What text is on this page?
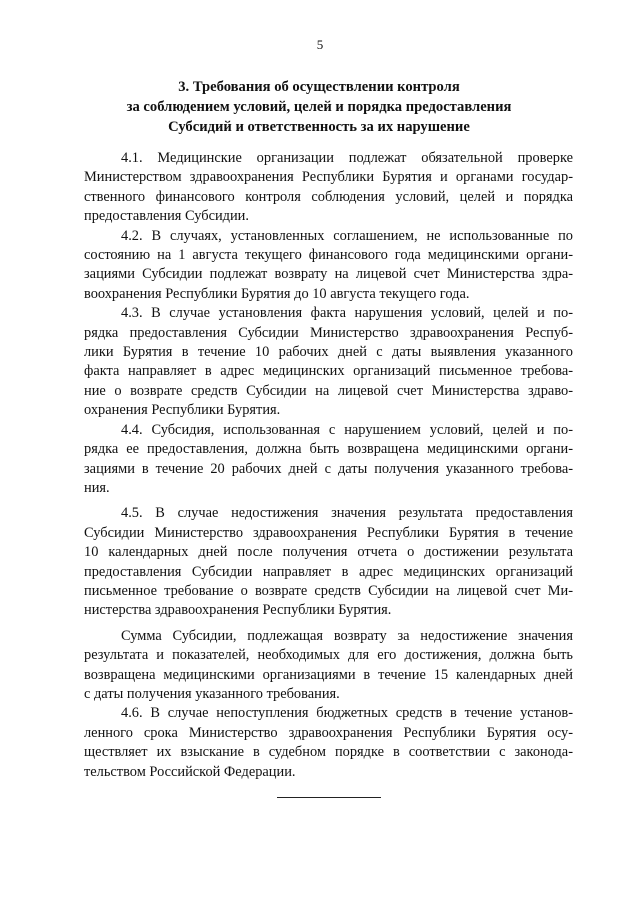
5
3. Требования об осуществлении контроля
за соблюдением условий, целей и порядка предоставления
Субсидий и ответственность за их нарушение

4.1. Медицинские организации подлежат обязательной проверке
Министерством здравоохранения Республики Бурятия и органами государ-
ственного финансового контроля соблюдения условий, целей и порядка
предоставления Субсидии.

4.2. В случаях, установленных соглашением, не использованные по
состоянию на 1 августа текущего финансового года медицинскими органи-
зациями Субсидии подлежат возврату на лицевой счет Министерства здра-
воохранения Республики Бурятия до 10 августа текущего года.

4.3. В случае установления факта нарушения условий, целей и по-
рядка предоставления Субсидии Министерство здравоохранения Респуб-
лики Бурятия в течение 10 рабочих дней с даты выявления указанного
факта направляет в адрес медицинских организаций письменное требова-
ние о возврате средств Субсидии на лицевой счет Министерства здраво-
охранения Республики Бурятия.

4.4. Субсидия, использованная с нарушением условий, целей и по-
рядка ее предоставления, должна быть возвращена медицинскими органи-
зациями в течение 20 рабочих дней с даты получения указанного требова-
ния.

4.5. В случае недостижения значения результата предоставления
Субсидии Министерство здравоохранения Республики Бурятия в течение
10 календарных дней после получения отчета о достижении результата
предоставления Субсидии направляет в адрес медицинских организаций
письменное требование о возврате средств Субсидии на лицевой счет Ми-
нистерства здравоохранения Республики Бурятия.

Сумма Субсидии, подлежащая возврату за недостижение значения
результата и показателей, необходимых для его достижения, должна быть
возвращена медицинскими организациями в течение 15 календарных дней
с даты получения указанного требования.

4.6. В случае непоступления бюджетных средств в течение установ-
ленного срока Министерство здравоохранения Республики Бурятия осу-
ществляет их взыскание в судебном порядке в соответствии с законода-
тельством Российской Федерации.
